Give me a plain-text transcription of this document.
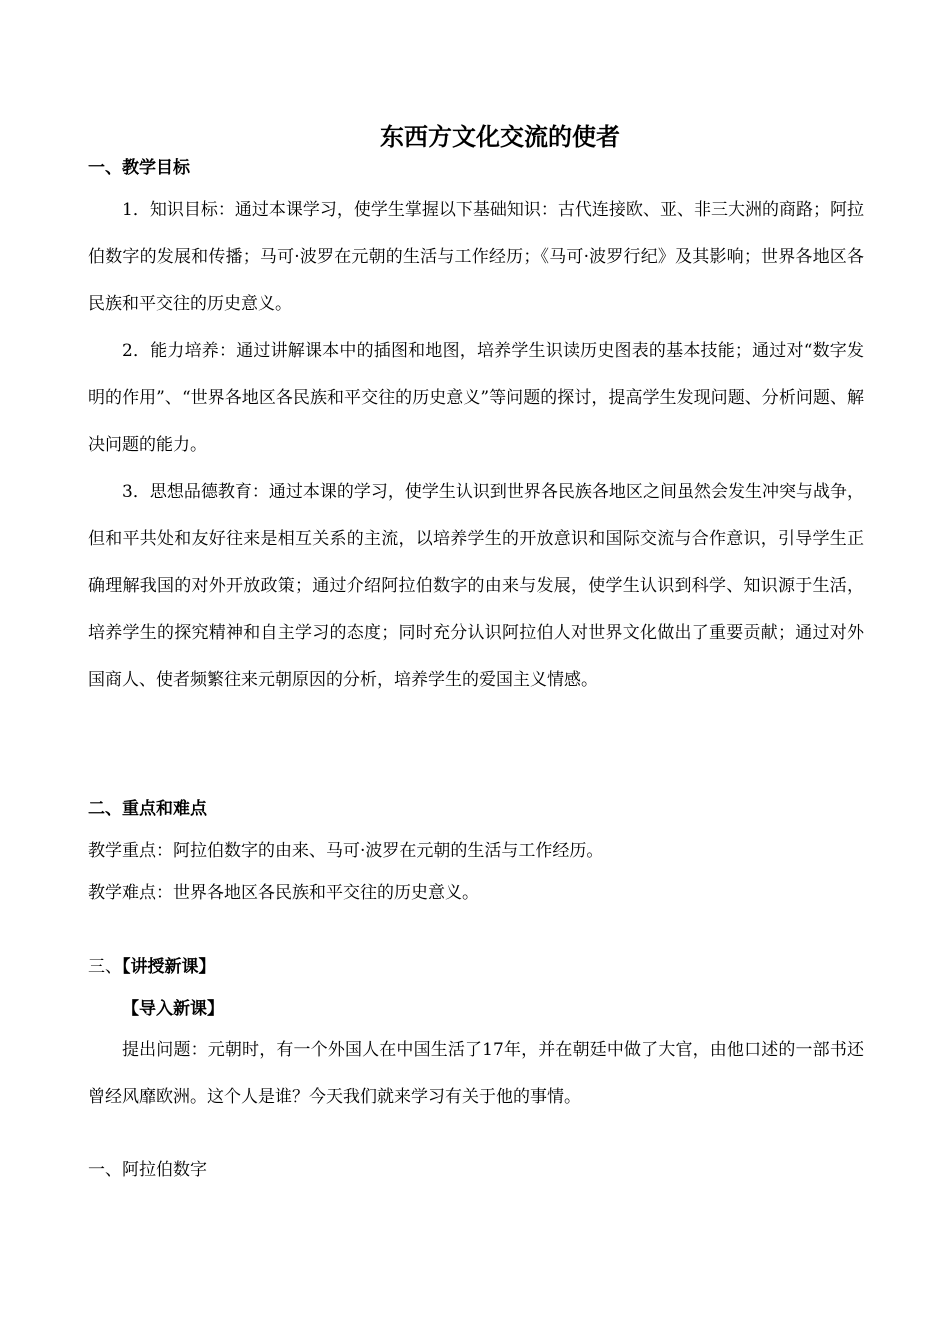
东西方文化交流的使者
一、教学目标
1．知识目标：通过本课学习，使学生掌握以下基础知识：古代连接欧、亚、非三大洲的商路；阿拉伯数字的发展和传播；马可·波罗在元朝的生活与工作经历；《马可·波罗行纪》及其影响；世界各地区各民族和平交往的历史意义。
2．能力培养：通过讲解课本中的插图和地图，培养学生识读历史图表的基本技能；通过对“数字发明的作用”、“世界各地区各民族和平交往的历史意义”等问题的探讨，提高学生发现问题、分析问题、解决问题的能力。
3．思想品德教育：通过本课的学习，使学生认识到世界各民族各地区之间虽然会发生冲突与战争，但和平共处和友好往来是相互关系的主流，以培养学生的开放意识和国际交流与合作意识，引导学生正确理解我国的对外开放政策；通过介绍阿拉伯数字的由来与发展，使学生认识到科学、知识源于生活，培养学生的探究精神和自主学习的态度；同时充分认识阿拉伯人对世界文化做出了重要贡献；通过对外国商人、使者频繁往来元朝原因的分析，培养学生的爱国主义情感。
二、重点和难点
教学重点：阿拉伯数字的由来、马可·波罗在元朝的生活与工作经历。
教学难点：世界各地区各民族和平交往的历史意义。
三、【讲授新课】
【导入新课】
提出问题：元朝时，有一个外国人在中国生活了17年，并在朝廷中做了大官，由他口述的一部书还曾经风靡欧洲。这个人是谁？今天我们就来学习有关于他的事情。
一、阿拉伯数字
